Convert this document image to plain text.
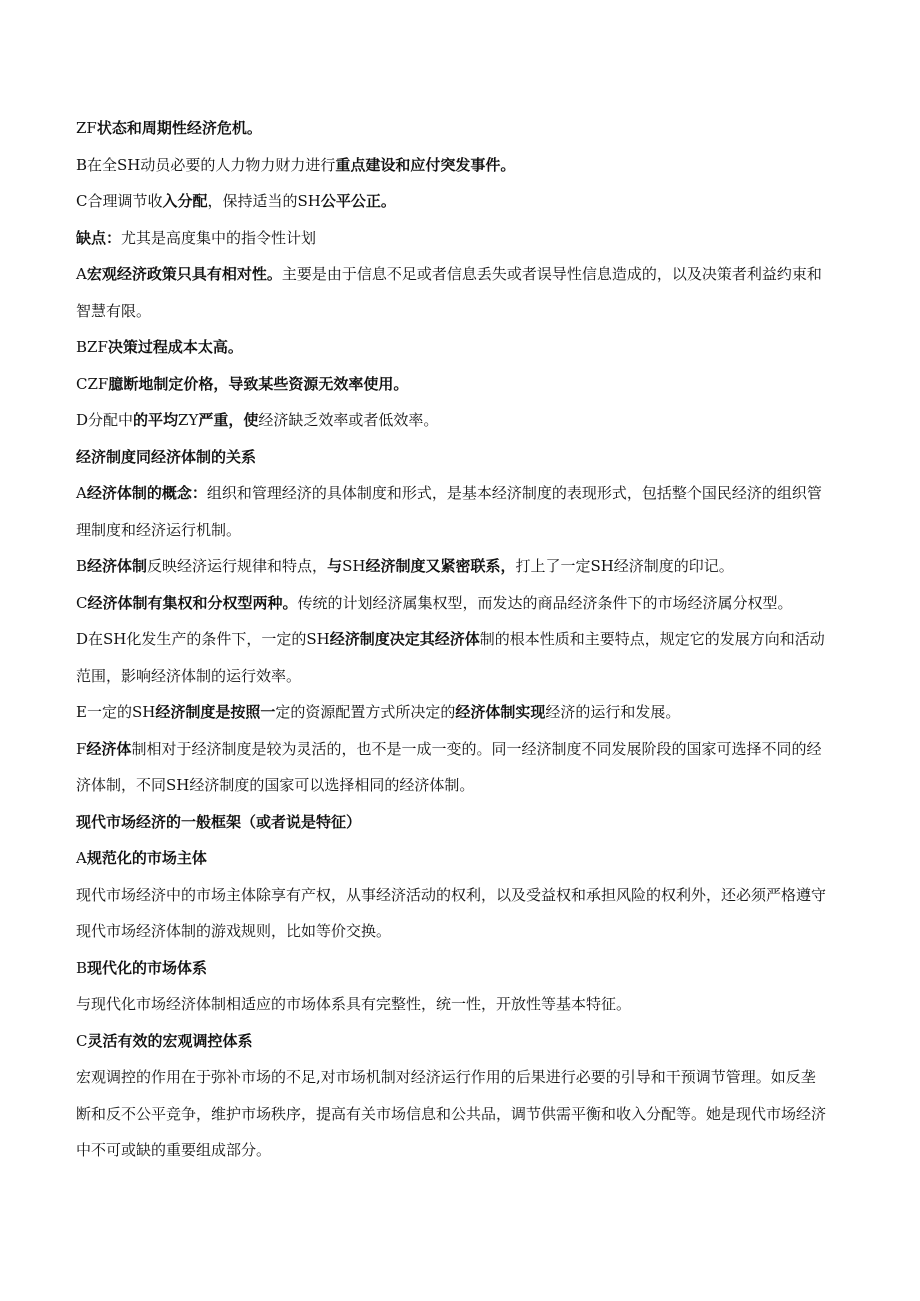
ZF状态和周期性经济危机。

B在全SH动员必要的人力物力财力进行重点建设和应付突发事件。

C合理调节收入分配，保持适当的SH公平公正。

缺点：尤其是高度集中的指令性计划

A宏观经济政策只具有相对性。主要是由于信息不足或者信息丢失或者误导性信息造成的，以及决策者利益约束和智慧有限。

BZF决策过程成本太高。

CZF臆断地制定价格，导致某些资源无效率使用。

D分配中的平均ZY严重，使经济缺乏效率或者低效率。

经济制度同经济体制的关系

A经济体制的概念：组织和管理经济的具体制度和形式，是基本经济制度的表现形式，包括整个国民经济的组织管理制度和经济运行机制。

B经济体制反映经济运行规律和特点，与SH经济制度又紧密联系，打上了一定SH经济制度的印记。

C经济体制有集权和分权型两种。传统的计划经济属集权型，而发达的商品经济条件下的市场经济属分权型。

D在SH化发生产的条件下，一定的SH经济制度决定其经济体制的根本性质和主要特点，规定它的发展方向和活动范围，影响经济体制的运行效率。

E一定的SH经济制度是按照一定的资源配置方式所决定的经济体制实现经济的运行和发展。

F经济体制相对于经济制度是较为灵活的，也不是一成一变的。同一经济制度不同发展阶段的国家可选择不同的经济体制，不同SH经济制度的国家可以选择相同的经济体制。

现代市场经济的一般框架（或者说是特征）

A规范化的市场主体

现代市场经济中的市场主体除享有产权，从事经济活动的权利，以及受益权和承担风险的权利外，还必须严格遵守现代市场经济体制的游戏规则，比如等价交换。

B现代化的市场体系

与现代化市场经济体制相适应的市场体系具有完整性，统一性，开放性等基本特征。

C灵活有效的宏观调控体系

宏观调控的作用在于弥补市场的不足,对市场机制对经济运行作用的后果进行必要的引导和干预调节管理。如反垄断和反不公平竞争，维护市场秩序，提高有关市场信息和公共品，调节供需平衡和收入分配等。她是现代市场经济中不可或缺的重要组成部分。
